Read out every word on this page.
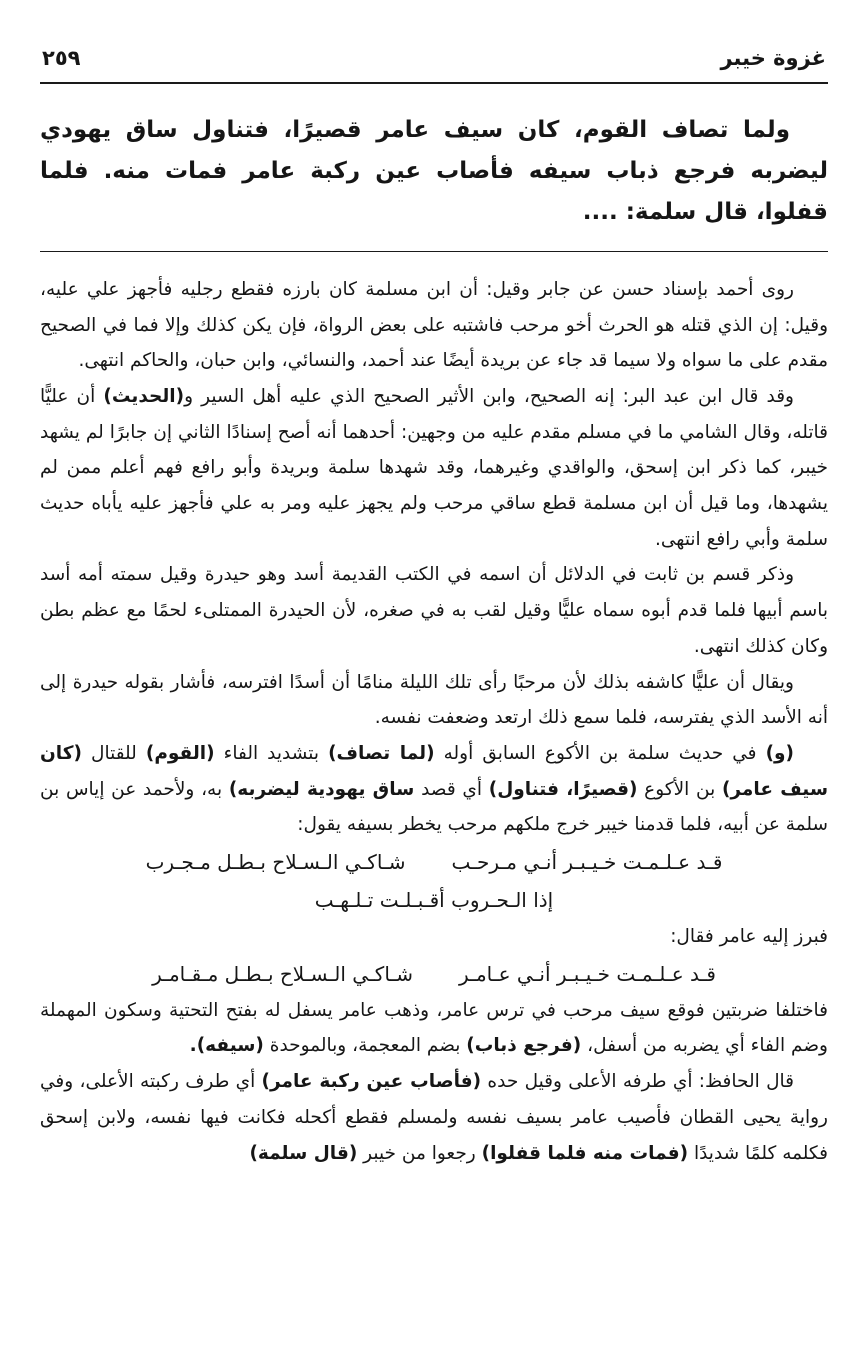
غزوة خيبر
٢٥٩

ولما تصاف القوم، كان سيف عامر قصيرًا، فتناول ساق يهودي ليضربه فرجع ذباب سيفه فأصاب عين ركبة عامر فمات منه. فلما قفلوا، قال سلمة: ....

روى أحمد بإسناد حسن عن جابر وقيل: أن ابن مسلمة كان بارزه فقطع رجليه فأجهز علي عليه، وقيل: إن الذي قتله هو الحرث أخو مرحب فاشتبه على بعض الرواة، فإن يكن كذلك وإلا فما في الصحيح مقدم على ما سواه ولا سيما قد جاء عن بريدة أيضًا عند أحمد، والنسائي، وابن حبان، والحاكم انتهى.

وقد قال ابن عبد البر: إنه الصحيح، وابن الأثير الصحيح الذي عليه أهل السير و(الحديث) أن عليًّا قاتله، وقال الشامي ما في مسلم مقدم عليه من وجهين: أحدهما أنه أصح إسنادًا الثاني إن جابرًا لم يشهد خيبر، كما ذكر ابن إسحق، والواقدي وغيرهما، وقد شهدها سلمة وبريدة وأبو رافع فهم أعلم ممن لم يشهدها، وما قيل أن ابن مسلمة قطع ساقي مرحب ولم يجهز عليه ومر به علي فأجهز عليه يأباه حديث سلمة وأبي رافع انتهى.

وذكر قسم بن ثابت في الدلائل أن اسمه في الكتب القديمة أسد وهو حيدرة وقيل سمته أمه أسد باسم أبيها فلما قدم أبوه سماه عليًّا وقيل لقب به في صغره، لأن الحيدرة الممتلىء لحمًا مع عظم بطن وكان كذلك انتهى.

ويقال أن عليًّا كاشفه بذلك لأن مرحبًا رأى تلك الليلة منامًا أن أسدًا افترسه، فأشار بقوله حيدرة إلى أنه الأسد الذي يفترسه، فلما سمع ذلك ارتعد وضعفت نفسه.

(و) في حديث سلمة بن الأكوع السابق أوله (لما تصاف) بتشديد الفاء (القوم) للقتال (كان سيف عامر) بن الأكوع (قصيرًا، فتناول) أي قصد ساق يهودية ليضربه) به، ولأحمد عن إياس بن سلمة عن أبيه، فلما قدمنا خيبر خرج ملكهم مرحب يخطر بسيفه يقول:

قـد عـلـمـت خـيـبـر أنـي مـرحـبشـاكـي الـسـلاح بـطـل مـجـرب
إذا الـحـروب أقـبـلـت تـلـهـب

فبرز إليه عامر فقال:

قـد عـلـمـت خـيـبـر أنـي عـامـرشـاكـي الـسـلاح بـطـل مـقـامـر

فاختلفا ضربتين فوقع سيف مرحب في ترس عامر، وذهب عامر يسفل له بفتح التحتية وسكون المهملة وضم الفاء أي يضربه من أسفل، (فرجع ذباب) بضم المعجمة، وبالموحدة (سيفه).

قال الحافظ: أي طرفه الأعلى وقيل حده (فأصاب عين ركبة عامر) أي طرف ركبته الأعلى، وفي رواية يحيى القطان فأصيب عامر بسيف نفسه ولمسلم فقطع أكحله فكانت فيها نفسه، ولابن إسحق فكلمه كلمًا شديدًا (فمات منه فلما قفلوا) رجعوا من خيبر (قال سلمة)
